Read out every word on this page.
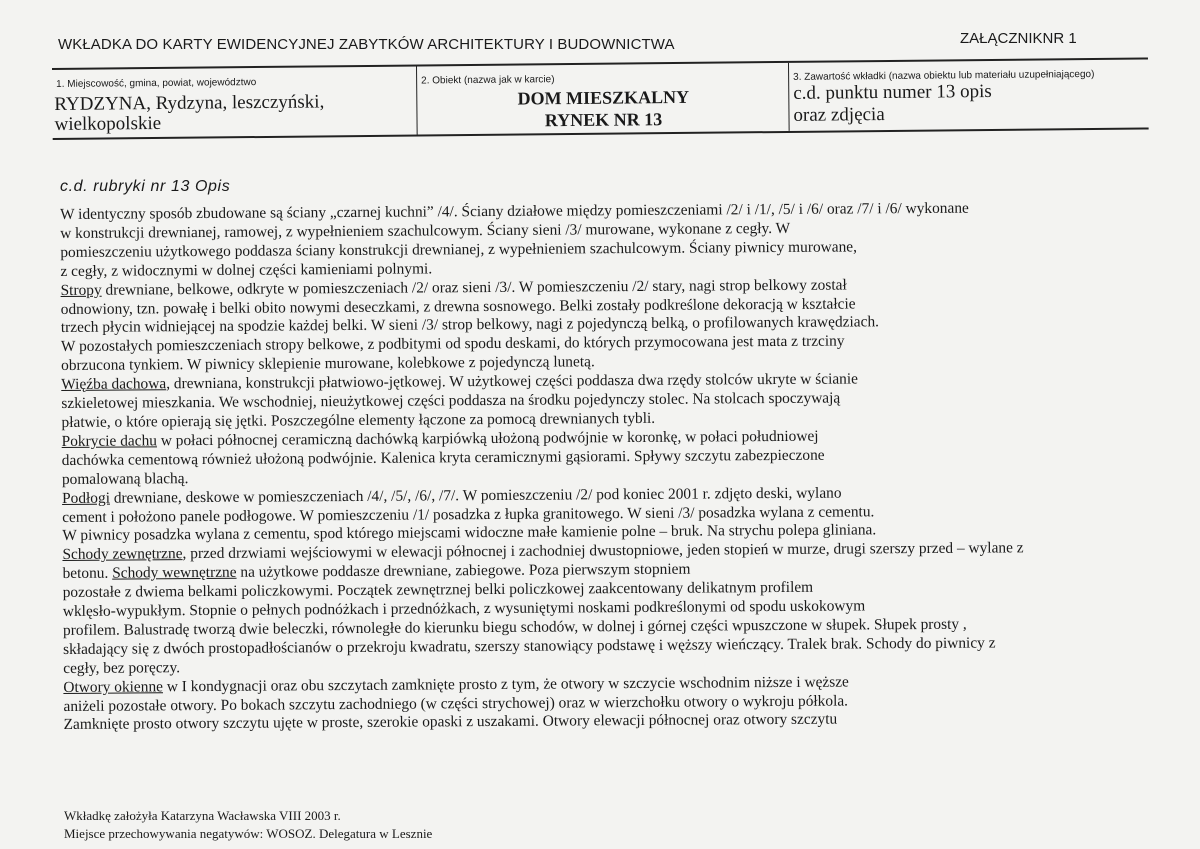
WKŁADKA DO KARTY EWIDENCYJNEJ ZABYTKÓW ARCHITEKTURY I BUDOWNICTWA	ZAŁĄCZNIKNR 1
1. Miejscowość, gmina, powiat, województwo
RYDZYNA, Rydzyna, leszczyński, wielkopolskie
2. Obiekt (nazwa jak w karcie)
DOM MIESZKALNY
RYNEK NR 13
3. Zawartość wkładki (nazwa obiektu lub materiału uzupełniającego)
c.d. punktu numer 13 opis
oraz zdjęcia
c.d. rubryki nr 13 Opis

W identyczny sposób zbudowane są ściany „czarnej kuchni” /4/. Ściany działowe między pomieszczeniami /2/ i /1/, /5/ i /6/ oraz /7/ i /6/ wykonane

w konstrukcji drewnianej, ramowej, z wypełnieniem szachulcowym. Ściany sieni /3/ murowane, wykonane z cegły. W

pomieszczeniu użytkowego poddasza ściany konstrukcji drewnianej, z wypełnieniem szachulcowym. Ściany piwnicy murowane,

z cegły, z widocznymi w dolnej części kamieniami polnymi.

Stropy drewniane, belkowe, odkryte w pomieszczeniach /2/ oraz sieni /3/. W pomieszczeniu /2/ stary, nagi strop belkowy został

odnowiony, tzn. powałę i belki obito nowymi deseczkami, z drewna sosnowego. Belki zostały podkreślone dekoracją w kształcie

trzech płycin widniejącej na spodzie każdej belki. W sieni /3/ strop belkowy, nagi z pojedynczą belką, o profilowanych krawędziach.

W pozostałych pomieszczeniach stropy belkowe, z podbitymi od spodu deskami, do których przymocowana jest mata z trzciny

obrzucona tynkiem. W piwnicy sklepienie murowane, kolebkowe z pojedynczą lunetą.

Więźba dachowa, drewniana, konstrukcji płatwiowo-jętkowej. W użytkowej części poddasza dwa rzędy stolców ukryte w ścianie

szkieletowej mieszkania. We wschodniej, nieużytkowej części poddasza na środku pojedynczy stolec. Na stolcach spoczywają

płatwie, o które opierają się jętki. Poszczególne elementy łączone za pomocą drewnianych tybli.

Pokrycie dachu w połaci północnej ceramiczną dachówką karpiówką ułożoną podwójnie w koronkę, w połaci południowej

dachówka cementową również ułożoną podwójnie. Kalenica kryta ceramicznymi gąsiorami. Spływy szczytu zabezpieczone

pomalowaną blachą.

Podłogi drewniane, deskowe w pomieszczeniach /4/, /5/, /6/, /7/. W pomieszczeniu /2/ pod koniec 2001 r. zdjęto deski, wylano

cement i położono panele podłogowe. W pomieszczeniu /1/ posadzka z łupka granitowego. W sieni /3/ posadzka wylana z cementu.

W piwnicy posadzka wylana z cementu, spod którego miejscami widoczne małe kamienie polne – bruk. Na strychu polepa gliniana.

Schody zewnętrzne, przed drzwiami wejściowymi w elewacji północnej i zachodniej dwustopniowe, jeden stopień w murze, drugi szerszy przed – wylane z

betonu. Schody wewnętrzne na użytkowe poddasze drewniane, zabiegowe. Poza pierwszym stopniem

pozostałe z dwiema belkami policzkowymi. Początek zewnętrznej belki policzkowej zaakcentowany delikatnym profilem

wklęsło-wypukłym. Stopnie o pełnych podnóżkach i przednóżkach, z wysuniętymi noskami podkreślonymi od spodu uskokowym

profilem. Balustradę tworzą dwie beleczki, równoległe do kierunku biegu schodów, w dolnej i górnej części wpuszczone w słupek. Słupek prosty ,

składający się z dwóch prostopadłościanów o przekroju kwadratu, szerszy stanowiący podstawę i węższy wieńczący. Tralek brak. Schody do piwnicy z

cegły, bez poręczy.

Otwory okienne w I kondygnacji oraz obu szczytach zamknięte prosto z tym, że otwory w szczycie wschodnim niższe i węższe

aniżeli pozostałe otwory. Po bokach szczytu zachodniego (w części strychowej) oraz w wierzchołku otwory o wykroju półkola.

Zamknięte prosto otwory szczytu ujęte w proste, szerokie opaski z uszakami. Otwory elewacji północnej oraz otwory szczytu

Wkładkę założyła Katarzyna Wacławska VIII 2003 r.
Miejsce przechowywania negatywów: WOSOZ. Delegatura w Lesznie
